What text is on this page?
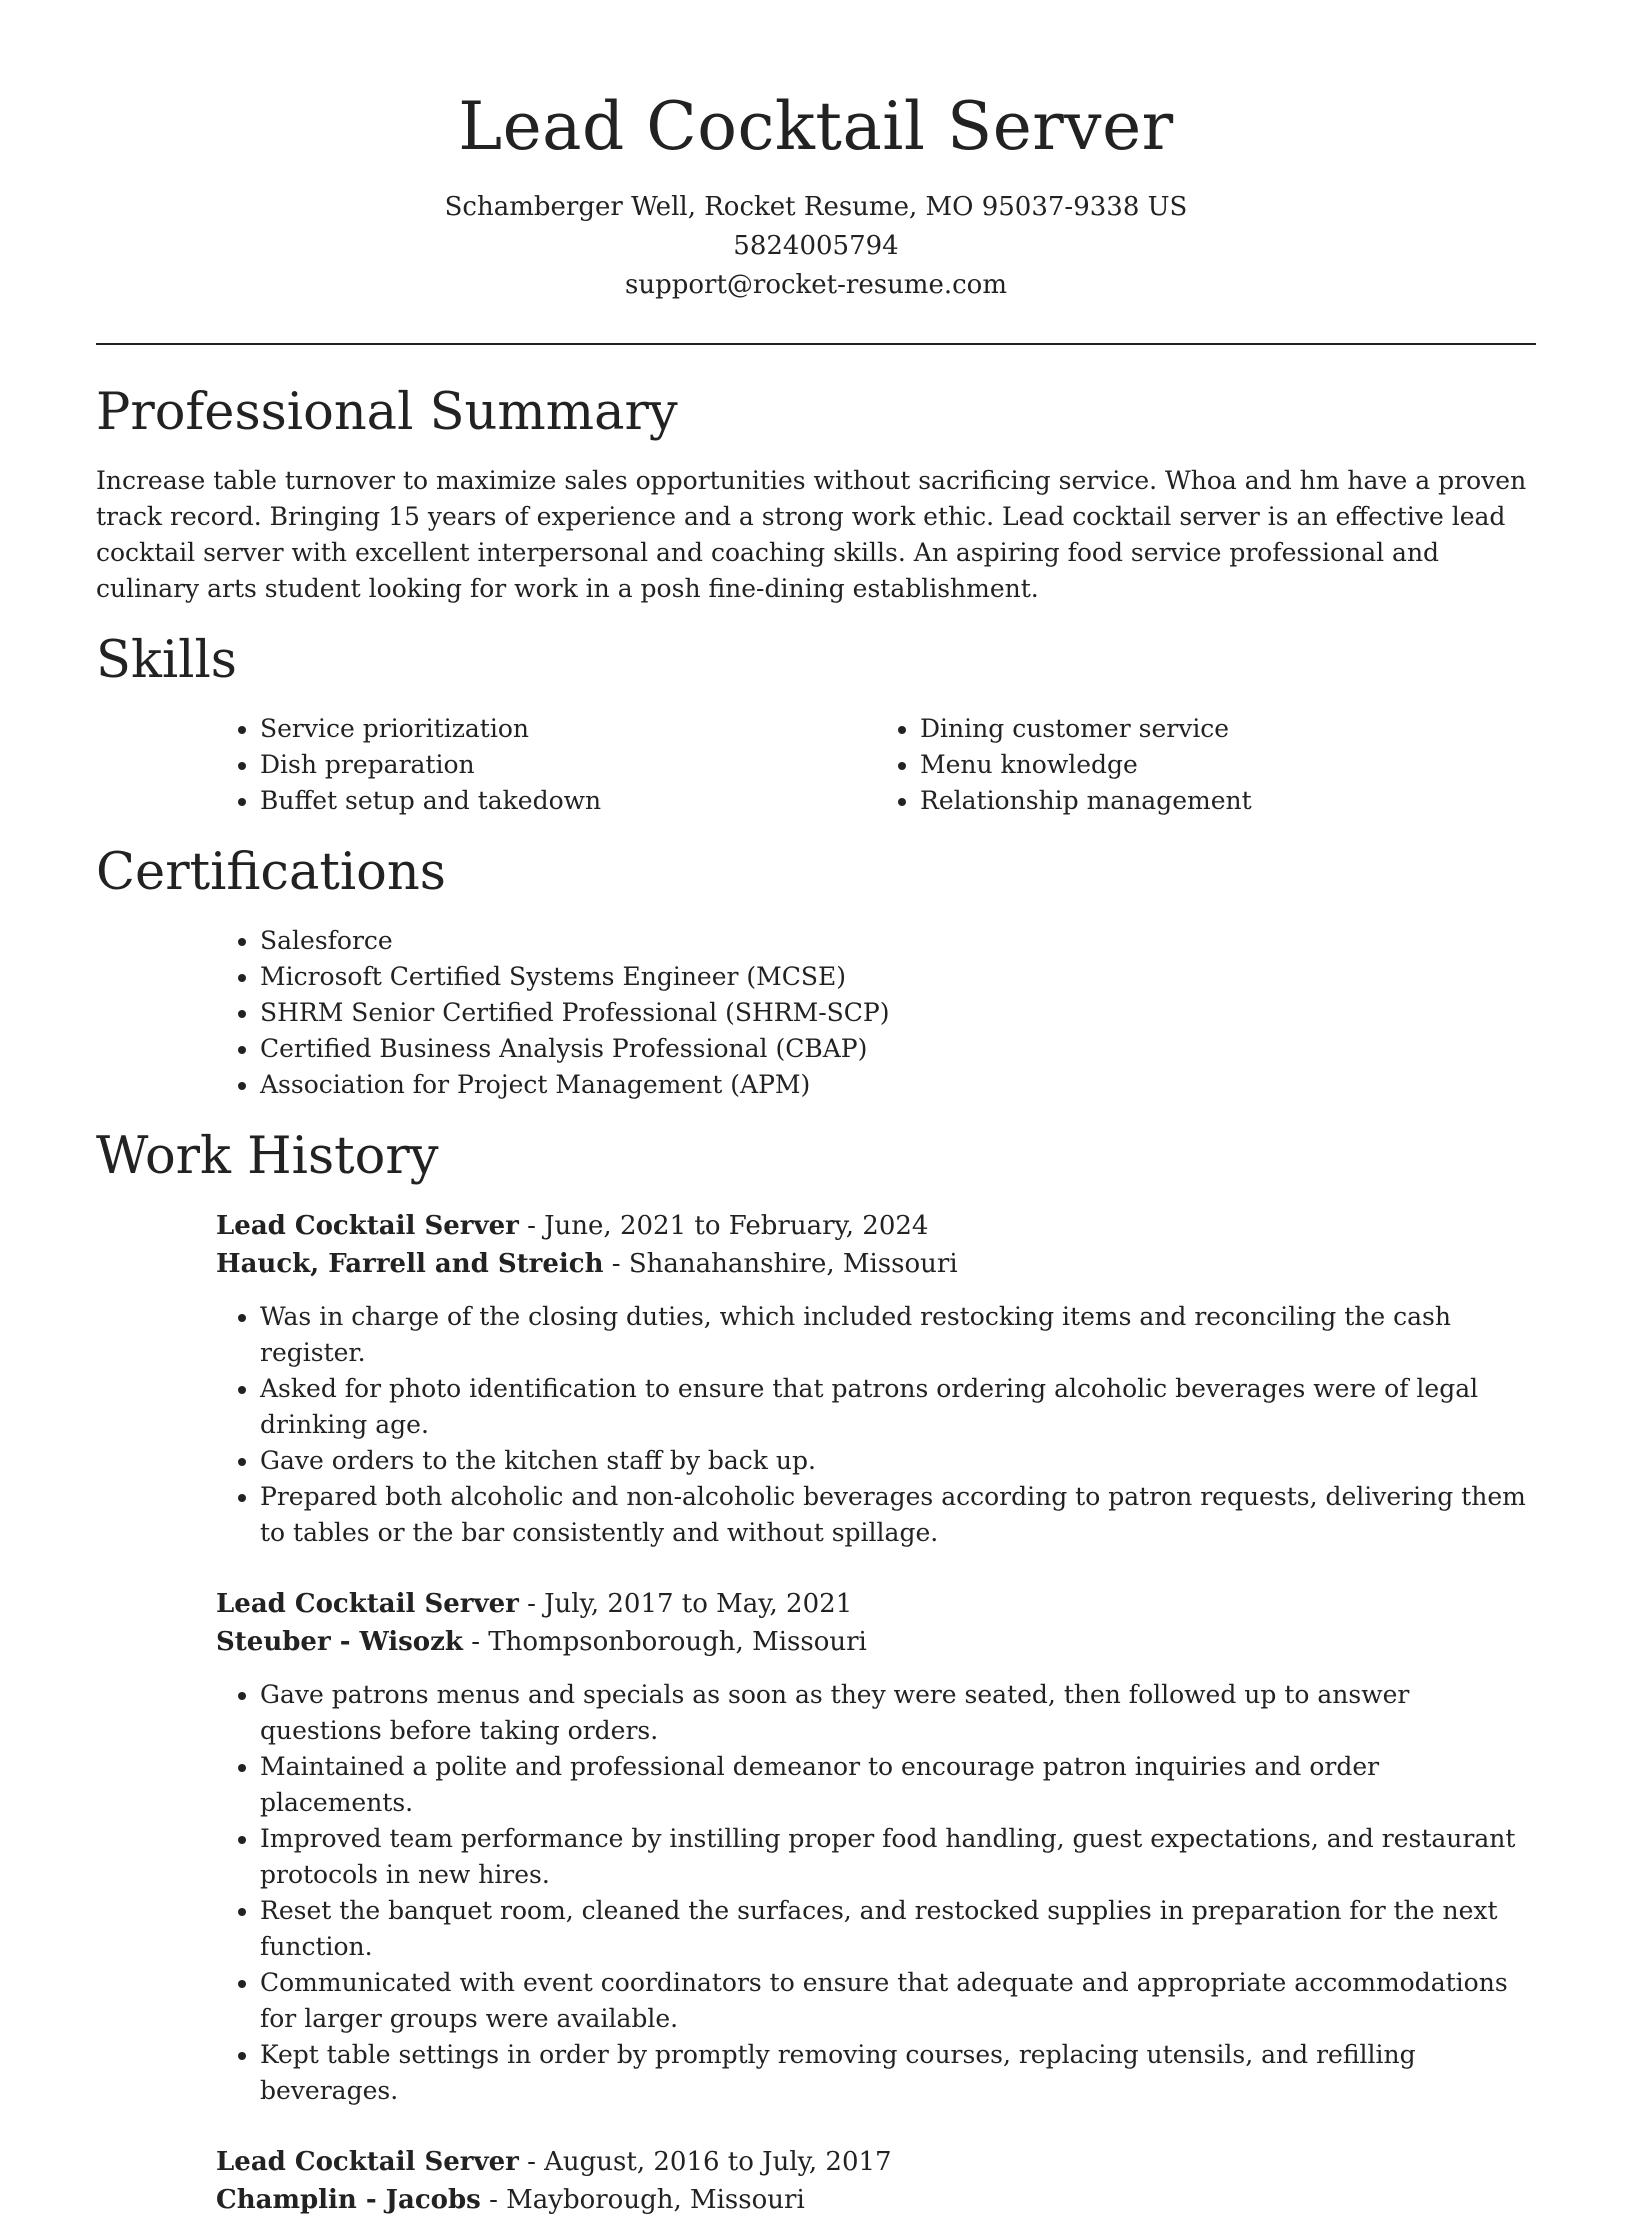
Lead Cocktail Server

Schamberger Well, Rocket Resume, MO 95037-9338 US

5824005794

support@rocket-resume.com

Professional Summary

Increase table turnover to maximize sales opportunities without sacrificing service. Whoa and hm have a proven track record. Bringing 15 years of experience and a strong work ethic. Lead cocktail server is an effective lead cocktail server with excellent interpersonal and coaching skills. An aspiring food service professional and culinary arts student looking for work in a posh fine-dining establishment.

Skills
• Service prioritization
• Dish preparation
• Buffet setup and takedown
• Dining customer service
• Menu knowledge
• Relationship management
Certifications
• Salesforce
• Microsoft Certified Systems Engineer (MCSE)
• SHRM Senior Certified Professional (SHRM-SCP)
• Certified Business Analysis Professional (CBAP)
• Association for Project Management (APM)
Work History

Lead Cocktail Server - June, 2021 to February, 2024

Hauck, Farrell and Streich - Shanahanshire, Missouri

• Was in charge of the closing duties, which included restocking items and reconciling the cash register.
• Asked for photo identification to ensure that patrons ordering alcoholic beverages were of legal drinking age.
• Gave orders to the kitchen staff by back up.
• Prepared both alcoholic and non-alcoholic beverages according to patron requests, delivering them to tables or the bar consistently and without spillage.

Lead Cocktail Server - July, 2017 to May, 2021

Steuber - Wisozk - Thompsonborough, Missouri

• Gave patrons menus and specials as soon as they were seated, then followed up to answer questions before taking orders.
• Maintained a polite and professional demeanor to encourage patron inquiries and order placements.
• Improved team performance by instilling proper food handling, guest expectations, and restaurant protocols in new hires.
• Reset the banquet room, cleaned the surfaces, and restocked supplies in preparation for the next function.
• Communicated with event coordinators to ensure that adequate and appropriate accommodations for larger groups were available.
• Kept table settings in order by promptly removing courses, replacing utensils, and refilling beverages.

Lead Cocktail Server - August, 2016 to July, 2017

Champlin - Jacobs - Mayborough, Missouri
